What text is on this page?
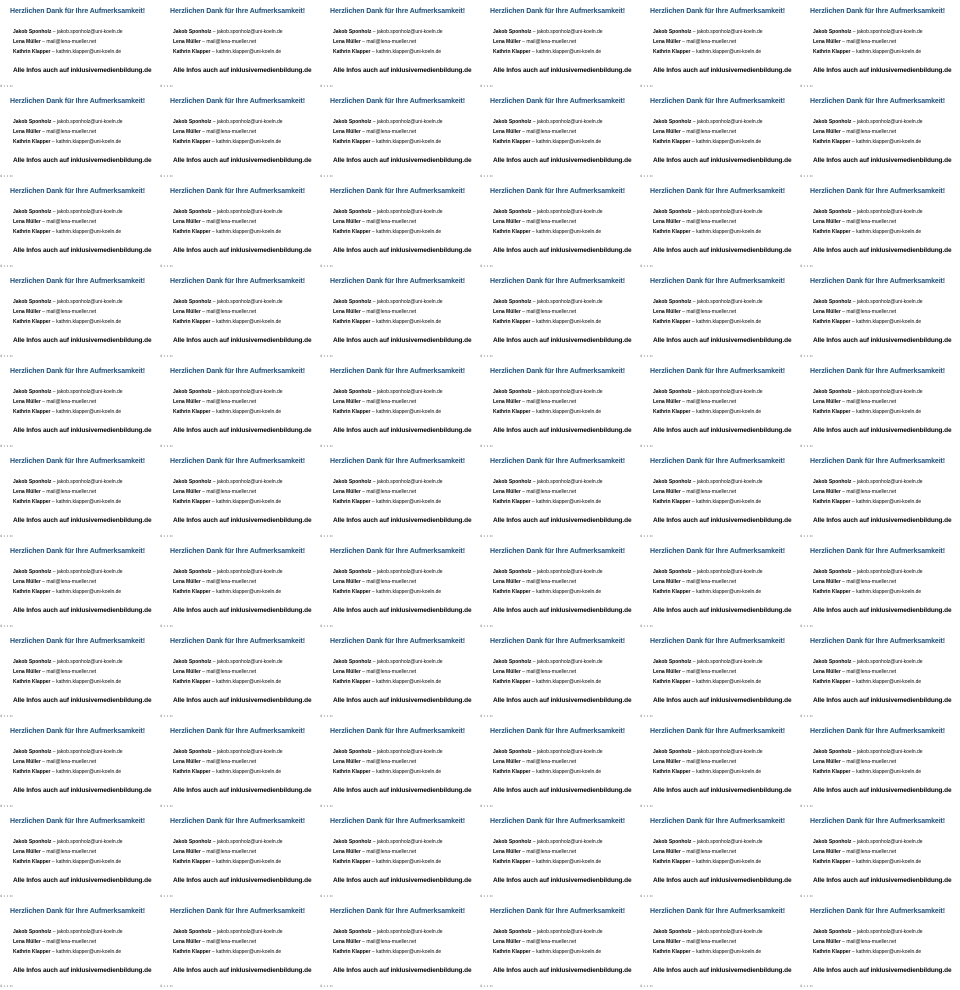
Herzlichen Dank für Ihre Aufmerksamkeit!
Jakob Sponholz – jakob.sponholz@uni-koeln.de
Lena Müller – mail@lena-mueller.net
Kathrin Klapper – kathrin.klapper@uni-koeln.de
Alle Infos auch auf inklusivemedienbildung.de
4 • • ••
Herzlichen Dank für Ihre Aufmerksamkeit!
Jakob Sponholz – jakob.sponholz@uni-koeln.de
Lena Müller – mail@lena-mueller.net
Kathrin Klapper – kathrin.klapper@uni-koeln.de
Alle Infos auch auf inklusivemedienbildung.de
4 • • ••
Herzlichen Dank für Ihre Aufmerksamkeit!
Jakob Sponholz – jakob.sponholz@uni-koeln.de
Lena Müller – mail@lena-mueller.net
Kathrin Klapper – kathrin.klapper@uni-koeln.de
Alle Infos auch auf inklusivemedienbildung.de
4 • • ••
Herzlichen Dank für Ihre Aufmerksamkeit!
Jakob Sponholz – jakob.sponholz@uni-koeln.de
Lena Müller – mail@lena-mueller.net
Kathrin Klapper – kathrin.klapper@uni-koeln.de
Alle Infos auch auf inklusivemedienbildung.de
4 • • ••
Herzlichen Dank für Ihre Aufmerksamkeit!
Jakob Sponholz – jakob.sponholz@uni-koeln.de
Lena Müller – mail@lena-mueller.net
Kathrin Klapper – kathrin.klapper@uni-koeln.de
Alle Infos auch auf inklusivemedienbildung.de
4 • • ••
Herzlichen Dank für Ihre Aufmerksamkeit!
Jakob Sponholz – jakob.sponholz@uni-koeln.de
Lena Müller – mail@lena-mueller.net
Kathrin Klapper – kathrin.klapper@uni-koeln.de
Alle Infos auch auf inklusivemedienbildung.de
4 • • ••
Herzlichen Dank für Ihre Aufmerksamkeit!
Jakob Sponholz – jakob.sponholz@uni-koeln.de
Lena Müller – mail@lena-mueller.net
Kathrin Klapper – kathrin.klapper@uni-koeln.de
Alle Infos auch auf inklusivemedienbildung.de
4 • • ••
Herzlichen Dank für Ihre Aufmerksamkeit!
Jakob Sponholz – jakob.sponholz@uni-koeln.de
Lena Müller – mail@lena-mueller.net
Kathrin Klapper – kathrin.klapper@uni-koeln.de
Alle Infos auch auf inklusivemedienbildung.de
4 • • ••
Herzlichen Dank für Ihre Aufmerksamkeit!
Jakob Sponholz – jakob.sponholz@uni-koeln.de
Lena Müller – mail@lena-mueller.net
Kathrin Klapper – kathrin.klapper@uni-koeln.de
Alle Infos auch auf inklusivemedienbildung.de
4 • • ••
Herzlichen Dank für Ihre Aufmerksamkeit!
Jakob Sponholz – jakob.sponholz@uni-koeln.de
Lena Müller – mail@lena-mueller.net
Kathrin Klapper – kathrin.klapper@uni-koeln.de
Alle Infos auch auf inklusivemedienbildung.de
4 • • ••
Herzlichen Dank für Ihre Aufmerksamkeit!
Jakob Sponholz – jakob.sponholz@uni-koeln.de
Lena Müller – mail@lena-mueller.net
Kathrin Klapper – kathrin.klapper@uni-koeln.de
Alle Infos auch auf inklusivemedienbildung.de
4 • • ••
Herzlichen Dank für Ihre Aufmerksamkeit!
Jakob Sponholz – jakob.sponholz@uni-koeln.de
Lena Müller – mail@lena-mueller.net
Kathrin Klapper – kathrin.klapper@uni-koeln.de
Alle Infos auch auf inklusivemedienbildung.de
4 • • ••
Herzlichen Dank für Ihre Aufmerksamkeit!
Jakob Sponholz – jakob.sponholz@uni-koeln.de
Lena Müller – mail@lena-mueller.net
Kathrin Klapper – kathrin.klapper@uni-koeln.de
Alle Infos auch auf inklusivemedienbildung.de
4 • • ••
Herzlichen Dank für Ihre Aufmerksamkeit!
Jakob Sponholz – jakob.sponholz@uni-koeln.de
Lena Müller – mail@lena-mueller.net
Kathrin Klapper – kathrin.klapper@uni-koeln.de
Alle Infos auch auf inklusivemedienbildung.de
4 • • ••
Herzlichen Dank für Ihre Aufmerksamkeit!
Jakob Sponholz – jakob.sponholz@uni-koeln.de
Lena Müller – mail@lena-mueller.net
Kathrin Klapper – kathrin.klapper@uni-koeln.de
Alle Infos auch auf inklusivemedienbildung.de
4 • • ••
Herzlichen Dank für Ihre Aufmerksamkeit!
Jakob Sponholz – jakob.sponholz@uni-koeln.de
Lena Müller – mail@lena-mueller.net
Kathrin Klapper – kathrin.klapper@uni-koeln.de
Alle Infos auch auf inklusivemedienbildung.de
4 • • ••
Herzlichen Dank für Ihre Aufmerksamkeit!
Jakob Sponholz – jakob.sponholz@uni-koeln.de
Lena Müller – mail@lena-mueller.net
Kathrin Klapper – kathrin.klapper@uni-koeln.de
Alle Infos auch auf inklusivemedienbildung.de
4 • • ••
Herzlichen Dank für Ihre Aufmerksamkeit!
Jakob Sponholz – jakob.sponholz@uni-koeln.de
Lena Müller – mail@lena-mueller.net
Kathrin Klapper – kathrin.klapper@uni-koeln.de
Alle Infos auch auf inklusivemedienbildung.de
4 • • ••
Herzlichen Dank für Ihre Aufmerksamkeit!
Jakob Sponholz – jakob.sponholz@uni-koeln.de
Lena Müller – mail@lena-mueller.net
Kathrin Klapper – kathrin.klapper@uni-koeln.de
Alle Infos auch auf inklusivemedienbildung.de
4 • • ••
Herzlichen Dank für Ihre Aufmerksamkeit!
Jakob Sponholz – jakob.sponholz@uni-koeln.de
Lena Müller – mail@lena-mueller.net
Kathrin Klapper – kathrin.klapper@uni-koeln.de
Alle Infos auch auf inklusivemedienbildung.de
4 • • ••
Herzlichen Dank für Ihre Aufmerksamkeit!
Jakob Sponholz – jakob.sponholz@uni-koeln.de
Lena Müller – mail@lena-mueller.net
Kathrin Klapper – kathrin.klapper@uni-koeln.de
Alle Infos auch auf inklusivemedienbildung.de
4 • • ••
Herzlichen Dank für Ihre Aufmerksamkeit!
Jakob Sponholz – jakob.sponholz@uni-koeln.de
Lena Müller – mail@lena-mueller.net
Kathrin Klapper – kathrin.klapper@uni-koeln.de
Alle Infos auch auf inklusivemedienbildung.de
4 • • ••
Herzlichen Dank für Ihre Aufmerksamkeit!
Jakob Sponholz – jakob.sponholz@uni-koeln.de
Lena Müller – mail@lena-mueller.net
Kathrin Klapper – kathrin.klapper@uni-koeln.de
Alle Infos auch auf inklusivemedienbildung.de
4 • • ••
Herzlichen Dank für Ihre Aufmerksamkeit!
Jakob Sponholz – jakob.sponholz@uni-koeln.de
Lena Müller – mail@lena-mueller.net
Kathrin Klapper – kathrin.klapper@uni-koeln.de
Alle Infos auch auf inklusivemedienbildung.de
4 • • ••
Herzlichen Dank für Ihre Aufmerksamkeit!
Jakob Sponholz – jakob.sponholz@uni-koeln.de
Lena Müller – mail@lena-mueller.net
Kathrin Klapper – kathrin.klapper@uni-koeln.de
Alle Infos auch auf inklusivemedienbildung.de
4 • • ••
Herzlichen Dank für Ihre Aufmerksamkeit!
Jakob Sponholz – jakob.sponholz@uni-koeln.de
Lena Müller – mail@lena-mueller.net
Kathrin Klapper – kathrin.klapper@uni-koeln.de
Alle Infos auch auf inklusivemedienbildung.de
4 • • ••
Herzlichen Dank für Ihre Aufmerksamkeit!
Jakob Sponholz – jakob.sponholz@uni-koeln.de
Lena Müller – mail@lena-mueller.net
Kathrin Klapper – kathrin.klapper@uni-koeln.de
Alle Infos auch auf inklusivemedienbildung.de
4 • • ••
Herzlichen Dank für Ihre Aufmerksamkeit!
Jakob Sponholz – jakob.sponholz@uni-koeln.de
Lena Müller – mail@lena-mueller.net
Kathrin Klapper – kathrin.klapper@uni-koeln.de
Alle Infos auch auf inklusivemedienbildung.de
4 • • ••
Herzlichen Dank für Ihre Aufmerksamkeit!
Jakob Sponholz – jakob.sponholz@uni-koeln.de
Lena Müller – mail@lena-mueller.net
Kathrin Klapper – kathrin.klapper@uni-koeln.de
Alle Infos auch auf inklusivemedienbildung.de
4 • • ••
Herzlichen Dank für Ihre Aufmerksamkeit!
Jakob Sponholz – jakob.sponholz@uni-koeln.de
Lena Müller – mail@lena-mueller.net
Kathrin Klapper – kathrin.klapper@uni-koeln.de
Alle Infos auch auf inklusivemedienbildung.de
4 • • ••
Herzlichen Dank für Ihre Aufmerksamkeit!
Jakob Sponholz – jakob.sponholz@uni-koeln.de
Lena Müller – mail@lena-mueller.net
Kathrin Klapper – kathrin.klapper@uni-koeln.de
Alle Infos auch auf inklusivemedienbildung.de
4 • • ••
Herzlichen Dank für Ihre Aufmerksamkeit!
Jakob Sponholz – jakob.sponholz@uni-koeln.de
Lena Müller – mail@lena-mueller.net
Kathrin Klapper – kathrin.klapper@uni-koeln.de
Alle Infos auch auf inklusivemedienbildung.de
4 • • ••
Herzlichen Dank für Ihre Aufmerksamkeit!
Jakob Sponholz – jakob.sponholz@uni-koeln.de
Lena Müller – mail@lena-mueller.net
Kathrin Klapper – kathrin.klapper@uni-koeln.de
Alle Infos auch auf inklusivemedienbildung.de
4 • • ••
Herzlichen Dank für Ihre Aufmerksamkeit!
Jakob Sponholz – jakob.sponholz@uni-koeln.de
Lena Müller – mail@lena-mueller.net
Kathrin Klapper – kathrin.klapper@uni-koeln.de
Alle Infos auch auf inklusivemedienbildung.de
4 • • ••
Herzlichen Dank für Ihre Aufmerksamkeit!
Jakob Sponholz – jakob.sponholz@uni-koeln.de
Lena Müller – mail@lena-mueller.net
Kathrin Klapper – kathrin.klapper@uni-koeln.de
Alle Infos auch auf inklusivemedienbildung.de
4 • • ••
Herzlichen Dank für Ihre Aufmerksamkeit!
Jakob Sponholz – jakob.sponholz@uni-koeln.de
Lena Müller – mail@lena-mueller.net
Kathrin Klapper – kathrin.klapper@uni-koeln.de
Alle Infos auch auf inklusivemedienbildung.de
4 • • ••
Herzlichen Dank für Ihre Aufmerksamkeit!
Jakob Sponholz – jakob.sponholz@uni-koeln.de
Lena Müller – mail@lena-mueller.net
Kathrin Klapper – kathrin.klapper@uni-koeln.de
Alle Infos auch auf inklusivemedienbildung.de
4 • • ••
Herzlichen Dank für Ihre Aufmerksamkeit!
Jakob Sponholz – jakob.sponholz@uni-koeln.de
Lena Müller – mail@lena-mueller.net
Kathrin Klapper – kathrin.klapper@uni-koeln.de
Alle Infos auch auf inklusivemedienbildung.de
4 • • ••
Herzlichen Dank für Ihre Aufmerksamkeit!
Jakob Sponholz – jakob.sponholz@uni-koeln.de
Lena Müller – mail@lena-mueller.net
Kathrin Klapper – kathrin.klapper@uni-koeln.de
Alle Infos auch auf inklusivemedienbildung.de
4 • • ••
Herzlichen Dank für Ihre Aufmerksamkeit!
Jakob Sponholz – jakob.sponholz@uni-koeln.de
Lena Müller – mail@lena-mueller.net
Kathrin Klapper – kathrin.klapper@uni-koeln.de
Alle Infos auch auf inklusivemedienbildung.de
4 • • ••
Herzlichen Dank für Ihre Aufmerksamkeit!
Jakob Sponholz – jakob.sponholz@uni-koeln.de
Lena Müller – mail@lena-mueller.net
Kathrin Klapper – kathrin.klapper@uni-koeln.de
Alle Infos auch auf inklusivemedienbildung.de
4 • • ••
Herzlichen Dank für Ihre Aufmerksamkeit!
Jakob Sponholz – jakob.sponholz@uni-koeln.de
Lena Müller – mail@lena-mueller.net
Kathrin Klapper – kathrin.klapper@uni-koeln.de
Alle Infos auch auf inklusivemedienbildung.de
4 • • ••
Herzlichen Dank für Ihre Aufmerksamkeit!
Jakob Sponholz – jakob.sponholz@uni-koeln.de
Lena Müller – mail@lena-mueller.net
Kathrin Klapper – kathrin.klapper@uni-koeln.de
Alle Infos auch auf inklusivemedienbildung.de
4 • • ••
Herzlichen Dank für Ihre Aufmerksamkeit!
Jakob Sponholz – jakob.sponholz@uni-koeln.de
Lena Müller – mail@lena-mueller.net
Kathrin Klapper – kathrin.klapper@uni-koeln.de
Alle Infos auch auf inklusivemedienbildung.de
4 • • ••
Herzlichen Dank für Ihre Aufmerksamkeit!
Jakob Sponholz – jakob.sponholz@uni-koeln.de
Lena Müller – mail@lena-mueller.net
Kathrin Klapper – kathrin.klapper@uni-koeln.de
Alle Infos auch auf inklusivemedienbildung.de
4 • • ••
Herzlichen Dank für Ihre Aufmerksamkeit!
Jakob Sponholz – jakob.sponholz@uni-koeln.de
Lena Müller – mail@lena-mueller.net
Kathrin Klapper – kathrin.klapper@uni-koeln.de
Alle Infos auch auf inklusivemedienbildung.de
4 • • ••
Herzlichen Dank für Ihre Aufmerksamkeit!
Jakob Sponholz – jakob.sponholz@uni-koeln.de
Lena Müller – mail@lena-mueller.net
Kathrin Klapper – kathrin.klapper@uni-koeln.de
Alle Infos auch auf inklusivemedienbildung.de
4 • • ••
Herzlichen Dank für Ihre Aufmerksamkeit!
Jakob Sponholz – jakob.sponholz@uni-koeln.de
Lena Müller – mail@lena-mueller.net
Kathrin Klapper – kathrin.klapper@uni-koeln.de
Alle Infos auch auf inklusivemedienbildung.de
4 • • ••
Herzlichen Dank für Ihre Aufmerksamkeit!
Jakob Sponholz – jakob.sponholz@uni-koeln.de
Lena Müller – mail@lena-mueller.net
Kathrin Klapper – kathrin.klapper@uni-koeln.de
Alle Infos auch auf inklusivemedienbildung.de
4 • • ••
Herzlichen Dank für Ihre Aufmerksamkeit!
Jakob Sponholz – jakob.sponholz@uni-koeln.de
Lena Müller – mail@lena-mueller.net
Kathrin Klapper – kathrin.klapper@uni-koeln.de
Alle Infos auch auf inklusivemedienbildung.de
4 • • ••
Herzlichen Dank für Ihre Aufmerksamkeit!
Jakob Sponholz – jakob.sponholz@uni-koeln.de
Lena Müller – mail@lena-mueller.net
Kathrin Klapper – kathrin.klapper@uni-koeln.de
Alle Infos auch auf inklusivemedienbildung.de
4 • • ••
Herzlichen Dank für Ihre Aufmerksamkeit!
Jakob Sponholz – jakob.sponholz@uni-koeln.de
Lena Müller – mail@lena-mueller.net
Kathrin Klapper – kathrin.klapper@uni-koeln.de
Alle Infos auch auf inklusivemedienbildung.de
4 • • ••
Herzlichen Dank für Ihre Aufmerksamkeit!
Jakob Sponholz – jakob.sponholz@uni-koeln.de
Lena Müller – mail@lena-mueller.net
Kathrin Klapper – kathrin.klapper@uni-koeln.de
Alle Infos auch auf inklusivemedienbildung.de
4 • • ••
Herzlichen Dank für Ihre Aufmerksamkeit!
Jakob Sponholz – jakob.sponholz@uni-koeln.de
Lena Müller – mail@lena-mueller.net
Kathrin Klapper – kathrin.klapper@uni-koeln.de
Alle Infos auch auf inklusivemedienbildung.de
4 • • ••
Herzlichen Dank für Ihre Aufmerksamkeit!
Jakob Sponholz – jakob.sponholz@uni-koeln.de
Lena Müller – mail@lena-mueller.net
Kathrin Klapper – kathrin.klapper@uni-koeln.de
Alle Infos auch auf inklusivemedienbildung.de
4 • • ••
Herzlichen Dank für Ihre Aufmerksamkeit!
Jakob Sponholz – jakob.sponholz@uni-koeln.de
Lena Müller – mail@lena-mueller.net
Kathrin Klapper – kathrin.klapper@uni-koeln.de
Alle Infos auch auf inklusivemedienbildung.de
4 • • ••
Herzlichen Dank für Ihre Aufmerksamkeit!
Jakob Sponholz – jakob.sponholz@uni-koeln.de
Lena Müller – mail@lena-mueller.net
Kathrin Klapper – kathrin.klapper@uni-koeln.de
Alle Infos auch auf inklusivemedienbildung.de
4 • • ••
Herzlichen Dank für Ihre Aufmerksamkeit!
Jakob Sponholz – jakob.sponholz@uni-koeln.de
Lena Müller – mail@lena-mueller.net
Kathrin Klapper – kathrin.klapper@uni-koeln.de
Alle Infos auch auf inklusivemedienbildung.de
4 • • ••
Herzlichen Dank für Ihre Aufmerksamkeit!
Jakob Sponholz – jakob.sponholz@uni-koeln.de
Lena Müller – mail@lena-mueller.net
Kathrin Klapper – kathrin.klapper@uni-koeln.de
Alle Infos auch auf inklusivemedienbildung.de
4 • • ••
Herzlichen Dank für Ihre Aufmerksamkeit!
Jakob Sponholz – jakob.sponholz@uni-koeln.de
Lena Müller – mail@lena-mueller.net
Kathrin Klapper – kathrin.klapper@uni-koeln.de
Alle Infos auch auf inklusivemedienbildung.de
4 • • ••
Herzlichen Dank für Ihre Aufmerksamkeit!
Jakob Sponholz – jakob.sponholz@uni-koeln.de
Lena Müller – mail@lena-mueller.net
Kathrin Klapper – kathrin.klapper@uni-koeln.de
Alle Infos auch auf inklusivemedienbildung.de
4 • • ••
Herzlichen Dank für Ihre Aufmerksamkeit!
Jakob Sponholz – jakob.sponholz@uni-koeln.de
Lena Müller – mail@lena-mueller.net
Kathrin Klapper – kathrin.klapper@uni-koeln.de
Alle Infos auch auf inklusivemedienbildung.de
4 • • ••
Herzlichen Dank für Ihre Aufmerksamkeit!
Jakob Sponholz – jakob.sponholz@uni-koeln.de
Lena Müller – mail@lena-mueller.net
Kathrin Klapper – kathrin.klapper@uni-koeln.de
Alle Infos auch auf inklusivemedienbildung.de
4 • • ••
Herzlichen Dank für Ihre Aufmerksamkeit!
Jakob Sponholz – jakob.sponholz@uni-koeln.de
Lena Müller – mail@lena-mueller.net
Kathrin Klapper – kathrin.klapper@uni-koeln.de
Alle Infos auch auf inklusivemedienbildung.de
4 • • ••
Herzlichen Dank für Ihre Aufmerksamkeit!
Jakob Sponholz – jakob.sponholz@uni-koeln.de
Lena Müller – mail@lena-mueller.net
Kathrin Klapper – kathrin.klapper@uni-koeln.de
Alle Infos auch auf inklusivemedienbildung.de
4 • • ••
Herzlichen Dank für Ihre Aufmerksamkeit!
Jakob Sponholz – jakob.sponholz@uni-koeln.de
Lena Müller – mail@lena-mueller.net
Kathrin Klapper – kathrin.klapper@uni-koeln.de
Alle Infos auch auf inklusivemedienbildung.de
4 • • ••
